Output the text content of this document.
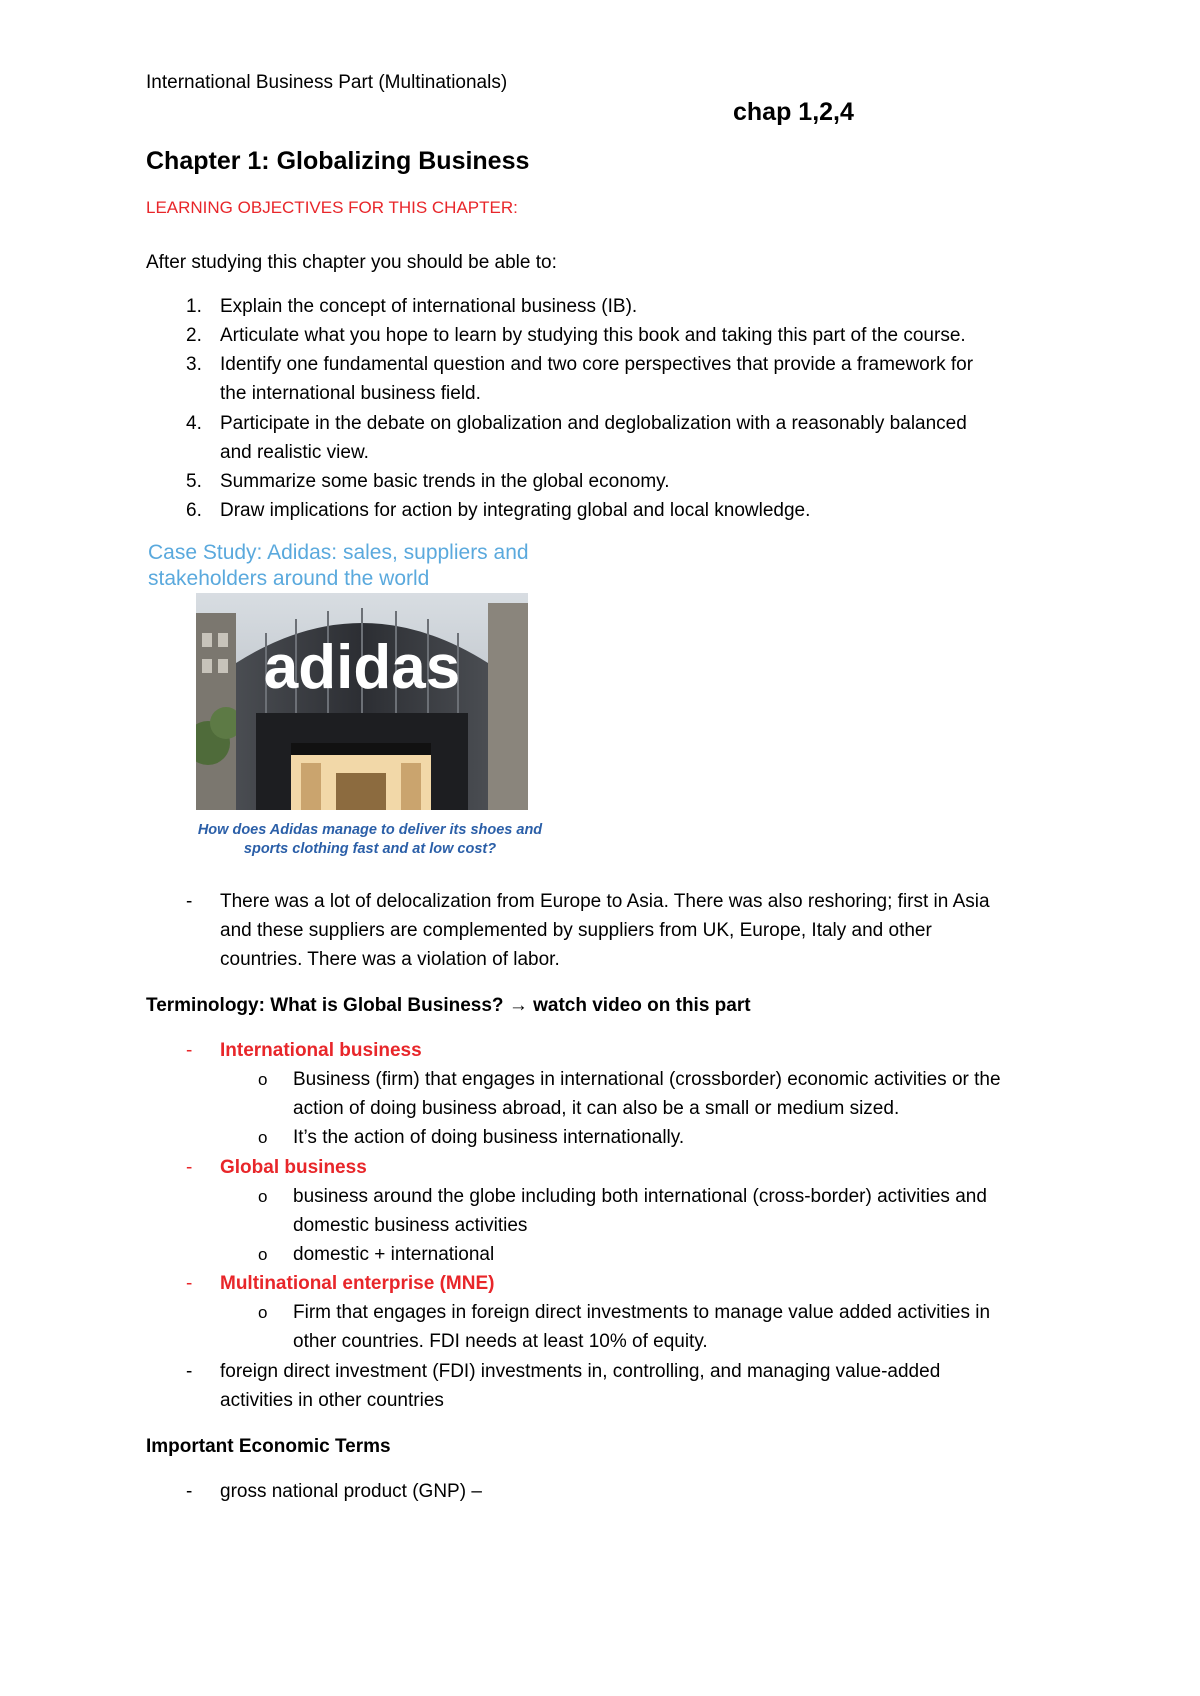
International Business Part (Multinationals)

chap 1,2,4

Chapter 1: Globalizing Business

LEARNING OBJECTIVES FOR THIS CHAPTER:

After studying this chapter you should be able to:

1. Explain the concept of international business (IB).
2. Articulate what you hope to learn by studying this book and taking this part of the course.
3. Identify one fundamental question and two core perspectives that provide a framework for
the international business field.
4. Participate in the debate on globalization and deglobalization with a reasonably balanced
and realistic view.
5. Summarize some basic trends in the global economy.
6. Draw implications for action by integrating global and local knowledge.

Case Study: Adidas: sales, suppliers and stakeholders around the world

adidas
How does Adidas manage to deliver its shoes and
sports clothing fast and at low cost?
-	There was a lot of delocalization from Europe to Asia. There was also reshoring; first in Asia
and these suppliers are complemented by suppliers from UK, Europe, Italy and other
countries. There was a violation of labor.

Terminology: What is Global Business? → watch video on this part

-	International business
o Business (firm) that engages in international (crossborder) economic activities or the
action of doing business abroad, it can also be a small or medium sized.
o It’s the action of doing business internationally.
-	Global business
o business around the globe including both international (cross-border) activities and
domestic business activities
o domestic + international
-	Multinational enterprise (MNE)
o Firm that engages in foreign direct investments to manage value added activities in
other countries. FDI needs at least 10% of equity.
-	foreign direct investment (FDI) investments in, controlling, and managing value-added
activities in other countries

Important Economic Terms

-	gross national product (GNP) –
